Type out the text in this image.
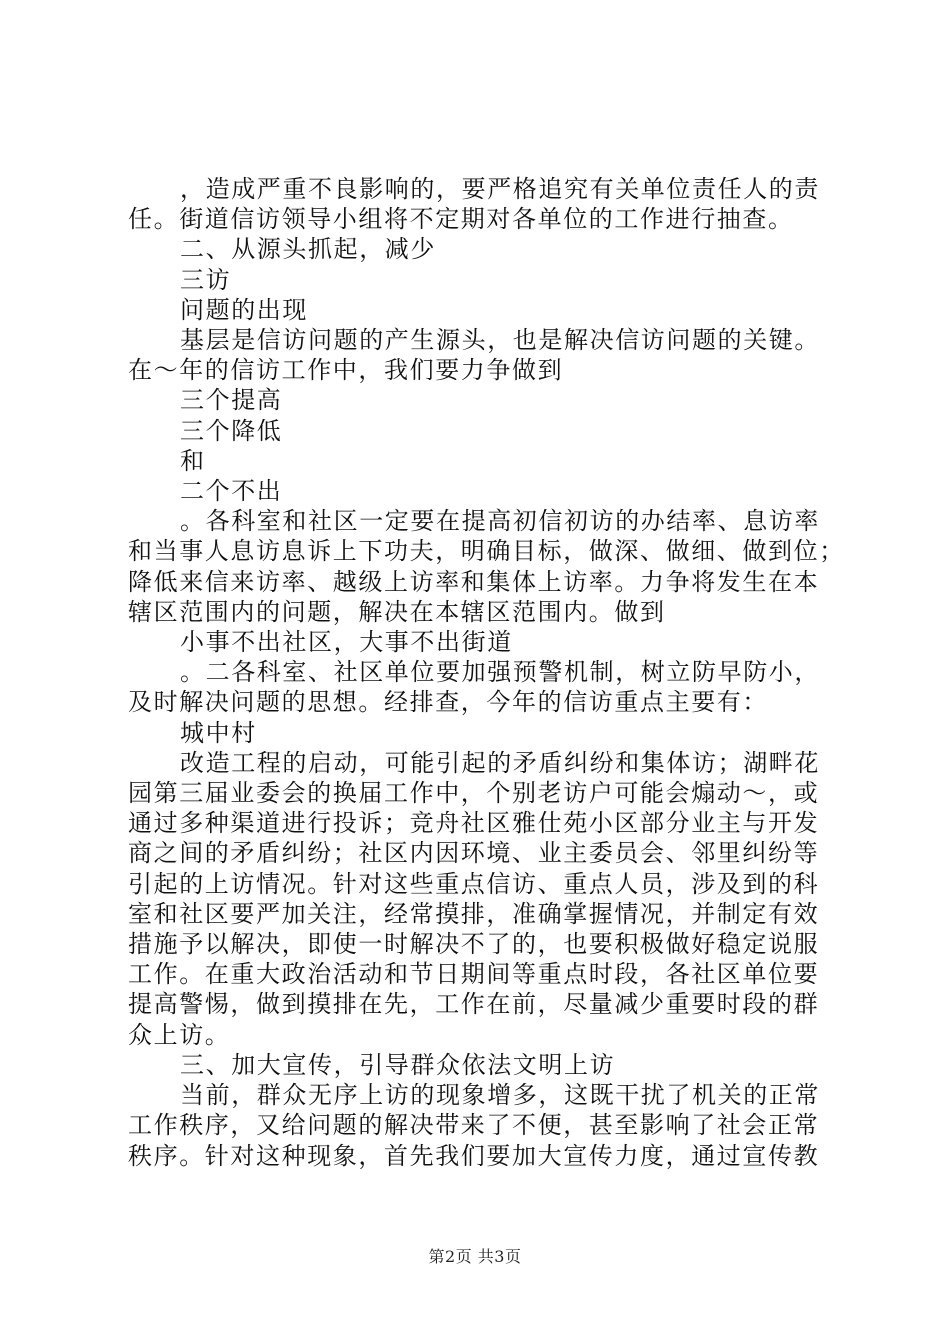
，造成严重不良影响的，要严格追究有关单位责任人的责

任。街道信访领导小组将不定期对各单位的工作进行抽查。

二、从源头抓起，减少

三访

问题的出现

基层是信访问题的产生源头，也是解决信访问题的关键。

在～年的信访工作中，我们要力争做到

三个提高

三个降低

和

二个不出

。各科室和社区一定要在提高初信初访的办结率、息访率

和当事人息访息诉上下功夫，明确目标，做深、做细、做到位；

降低来信来访率、越级上访率和集体上访率。力争将发生在本

辖区范围内的问题，解决在本辖区范围内。做到

小事不出社区，大事不出街道

。二各科室、社区单位要加强预警机制，树立防早防小，

及时解决问题的思想。经排查，今年的信访重点主要有：

城中村

改造工程的启动，可能引起的矛盾纠纷和集体访；湖畔花

园第三届业委会的换届工作中，个别老访户可能会煽动～，或

通过多种渠道进行投诉；竞舟社区雅仕苑小区部分业主与开发

商之间的矛盾纠纷；社区内因环境、业主委员会、邻里纠纷等

引起的上访情况。针对这些重点信访、重点人员，涉及到的科

室和社区要严加关注，经常摸排，准确掌握情况，并制定有效

措施予以解决，即使一时解决不了的，也要积极做好稳定说服

工作。在重大政治活动和节日期间等重点时段，各社区单位要

提高警惕，做到摸排在先，工作在前，尽量减少重要时段的群

众上访。

三、加大宣传，引导群众依法文明上访

当前，群众无序上访的现象增多，这既干扰了机关的正常

工作秩序，又给问题的解决带来了不便，甚至影响了社会正常

秩序。针对这种现象，首先我们要加大宣传力度，通过宣传教

第2页 共3页
